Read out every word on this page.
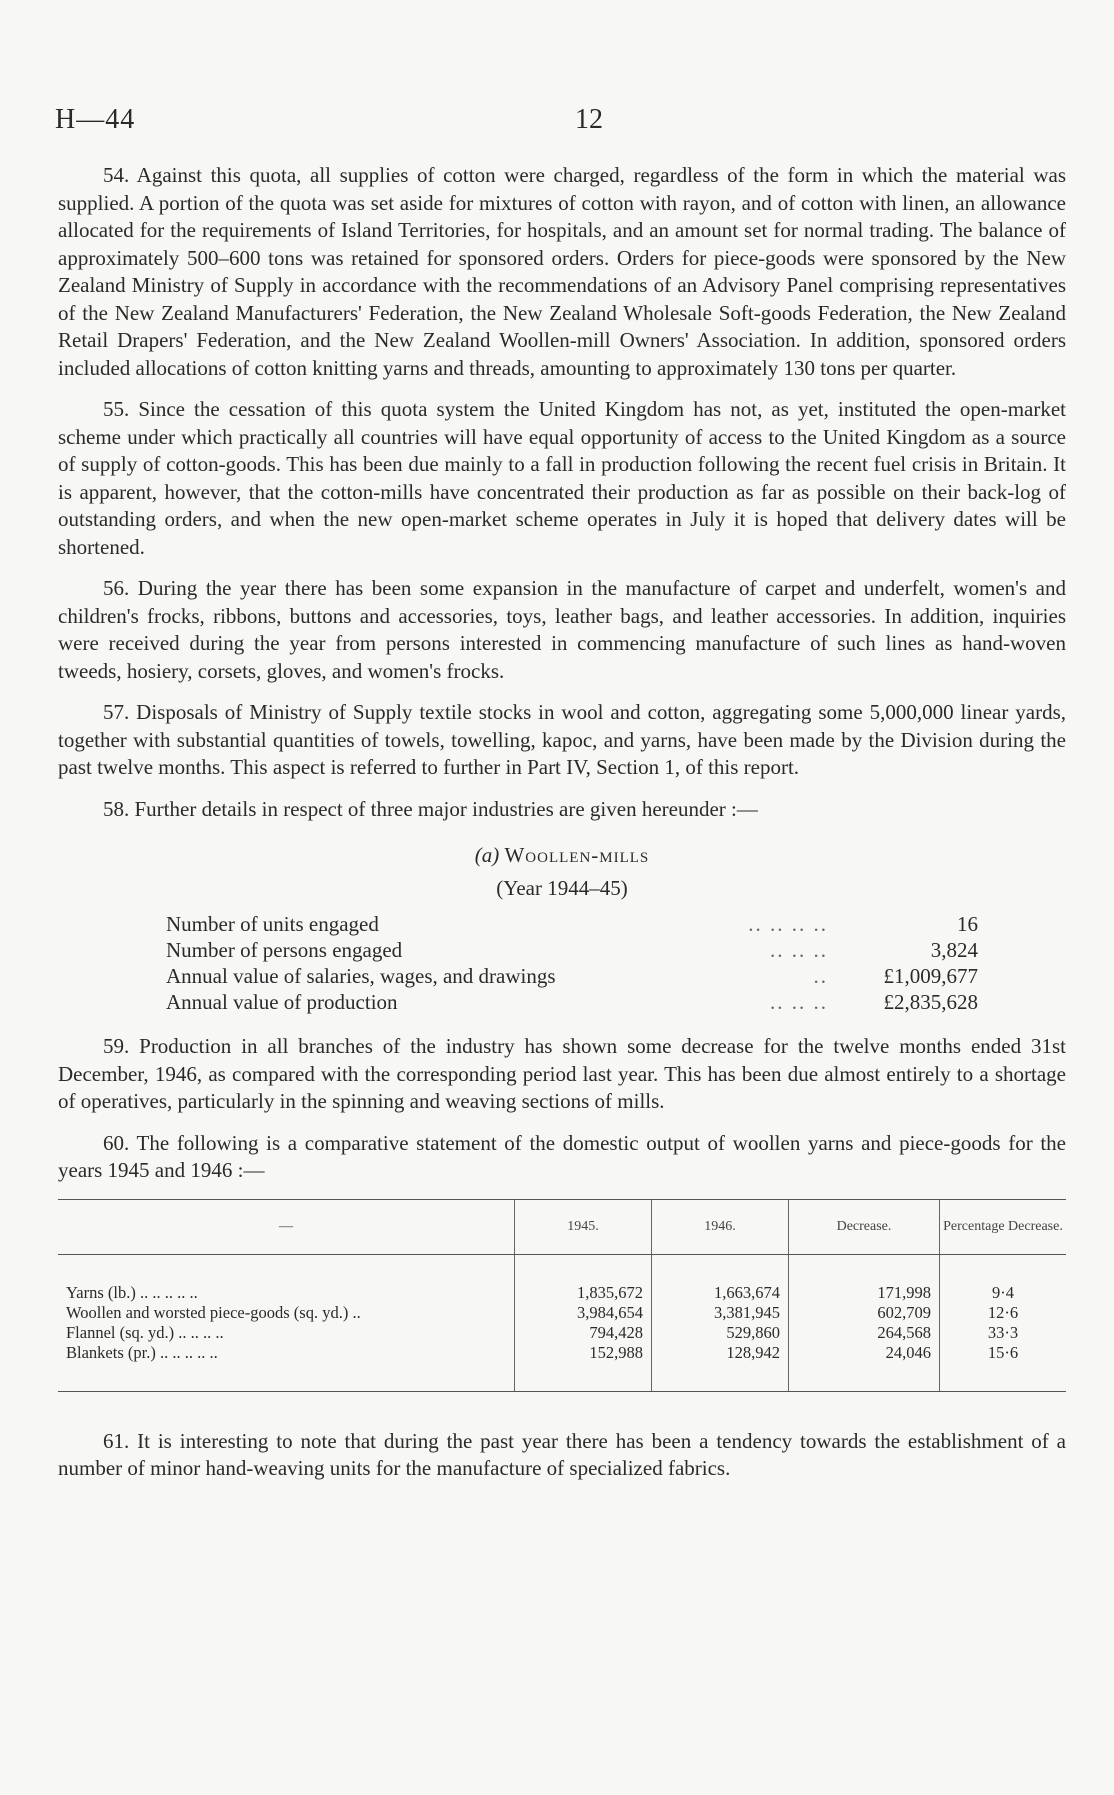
H—44	12

54. Against this quota, all supplies of cotton were charged, regardless of the form in which the material was supplied. A portion of the quota was set aside for mixtures of cotton with rayon, and of cotton with linen, an allowance allocated for the requirements of Island Territories, for hospitals, and an amount set for normal trading. The balance of approximately 500–600 tons was retained for sponsored orders. Orders for piece-goods were sponsored by the New Zealand Ministry of Supply in accordance with the recommendations of an Advisory Panel comprising representatives of the New Zealand Manufacturers' Federation, the New Zealand Wholesale Soft-goods Federation, the New Zealand Retail Drapers' Federation, and the New Zealand Woollen-mill Owners' Association. In addition, sponsored orders included allocations of cotton knitting yarns and threads, amounting to approximately 130 tons per quarter.

55. Since the cessation of this quota system the United Kingdom has not, as yet, instituted the open-market scheme under which practically all countries will have equal opportunity of access to the United Kingdom as a source of supply of cotton-goods. This has been due mainly to a fall in production following the recent fuel crisis in Britain. It is apparent, however, that the cotton-mills have concentrated their production as far as possible on their back-log of outstanding orders, and when the new open-market scheme operates in July it is hoped that delivery dates will be shortened.

56. During the year there has been some expansion in the manufacture of carpet and underfelt, women's and children's frocks, ribbons, buttons and accessories, toys, leather bags, and leather accessories. In addition, inquiries were received during the year from persons interested in commencing manufacture of such lines as hand-woven tweeds, hosiery, corsets, gloves, and women's frocks.

57. Disposals of Ministry of Supply textile stocks in wool and cotton, aggregating some 5,000,000 linear yards, together with substantial quantities of towels, towelling, kapoc, and yarns, have been made by the Division during the past twelve months. This aspect is referred to further in Part IV, Section 1, of this report.

58. Further details in respect of three major industries are given hereunder :—

(a) Woollen-mills
(Year 1944–45)
Number of units engaged	.. .. .. ..	16
Number of persons engaged	.. .. ..	3,824
Annual value of salaries, wages, and drawings	..	£1,009,677
Annual value of production	.. .. ..	£2,835,628

59. Production in all branches of the industry has shown some decrease for the twelve months ended 31st December, 1946, as compared with the corresponding period last year. This has been due almost entirely to a shortage of operatives, particularly in the spinning and weaving sections of mills.

60. The following is a comparative statement of the domestic output of woollen yarns and piece-goods for the years 1945 and 1946 :—

—	1945.	1946.	Decrease.	Percentage Decrease.
Yarns (lb.) .. .. .. .. ..	1,835,672	1,663,674	171,998	9·4
Woollen and worsted piece-goods (sq. yd.) ..	3,984,654	3,381,945	602,709	12·6
Flannel (sq. yd.) .. .. .. ..	794,428	529,860	264,568	33·3
Blankets (pr.) .. .. .. .. ..	152,988	128,942	24,046	15·6

61. It is interesting to note that during the past year there has been a tendency towards the establishment of a number of minor hand-weaving units for the manufacture of specialized fabrics.
